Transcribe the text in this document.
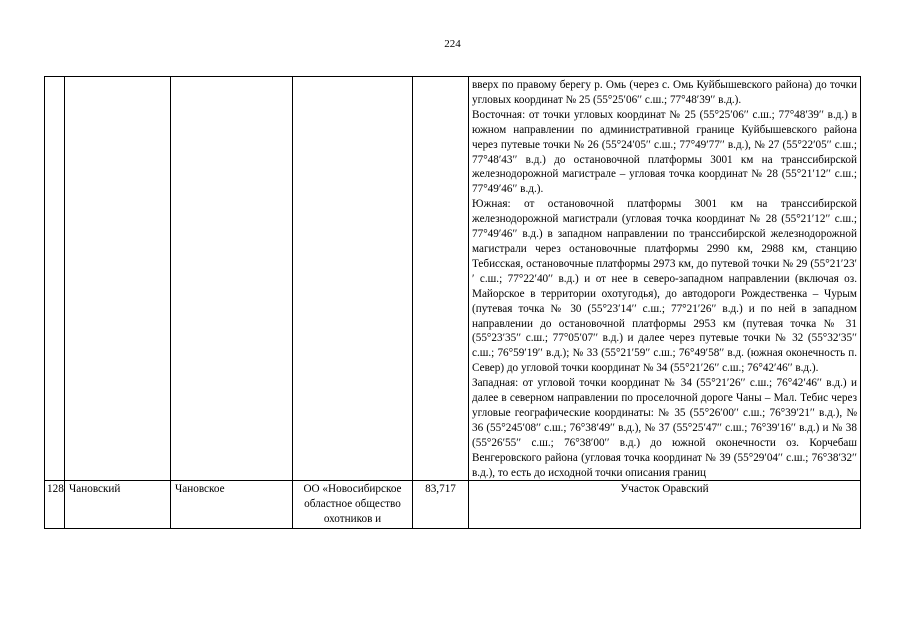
224

					вверх по правому берегу р. Омь (через с. Омь Куйбышевского района) до точки угловых координат № 25 (55°25′06′′ с.ш.; 77°48′39′′ в.д.).

Восточная: от точки угловых координат № 25 (55°25′06′′ с.ш.; 77°48′39′′ в.д.) в южном направлении по административной границе Куйбышевского района через путевые точки № 26 (55°24′05′′ с.ш.; 77°49′77′′ в.д.), № 27 (55°22′05′′ с.ш.; 77°48′43′′ в.д.) до остановочной платформы 3001 км на транссибирской железнодорожной магистрале – угловая точка координат № 28 (55°21′12′′ с.ш.; 77°49′46′′ в.д.).

Южная: от остановочной платформы 3001 км на транссибирской железнодорожной магистрали (угловая точка координат № 28 (55°21′12′′ с.ш.; 77°49′46′′ в.д.) в западном направлении по транссибирской железнодорожной магистрали через остановочные платформы 2990 км, 2988 км, станцию Тебисская, остановочные платформы 2973 км, до путевой точки № 29 (55°21′23′′ с.ш.; 77°22′40′′ в.д.) и от нее в северо-западном направлении (включая оз. Майорское в территории охотугодья), до автодороги Рождественка – Чурым (путевая точка № 30 (55°23′14′′ с.ш.; 77°21′26′′ в.д.) и по ней в западном направлении до остановочной платформы 2953 км (путевая точка № 31 (55°23′35′′ с.ш.; 77°05′07′′ в.д.) и далее через путевые точки № 32 (55°32′35′′ с.ш.; 76°59′19′′ в.д.); № 33 (55°21′59′′ с.ш.; 76°49′58′′ в.д. (южная оконечность п. Север) до угловой точки координат № 34 (55°21′26′′ с.ш.; 76°42′46′′ в.д.).

Западная: от угловой точки координат № 34 (55°21′26′′ с.ш.; 76°42′46′′ в.д.) и далее в северном направлении по проселочной дороге Чаны – Мал. Тебис через угловые географические координаты: № 35 (55°26′00′′ с.ш.; 76°39′21′′ в.д.), № 36 (55°245′08′′ с.ш.; 76°38′49′′ в.д.), № 37 (55°25′47′′ с.ш.; 76°39′16′′ в.д.) и № 38 (55°26′55′′ с.ш.; 76°38′00′′ в.д.) до южной оконечности оз. Корчебаш Венгеровского района (угловая точка координат № 39 (55°29′04′′ с.ш.; 76°38′32′′ в.д.), то есть до исходной точки описания границ

128	Чановский	Чановское	ОО «Новосибирское областное общество охотников и	83,717	Участок Оравский
